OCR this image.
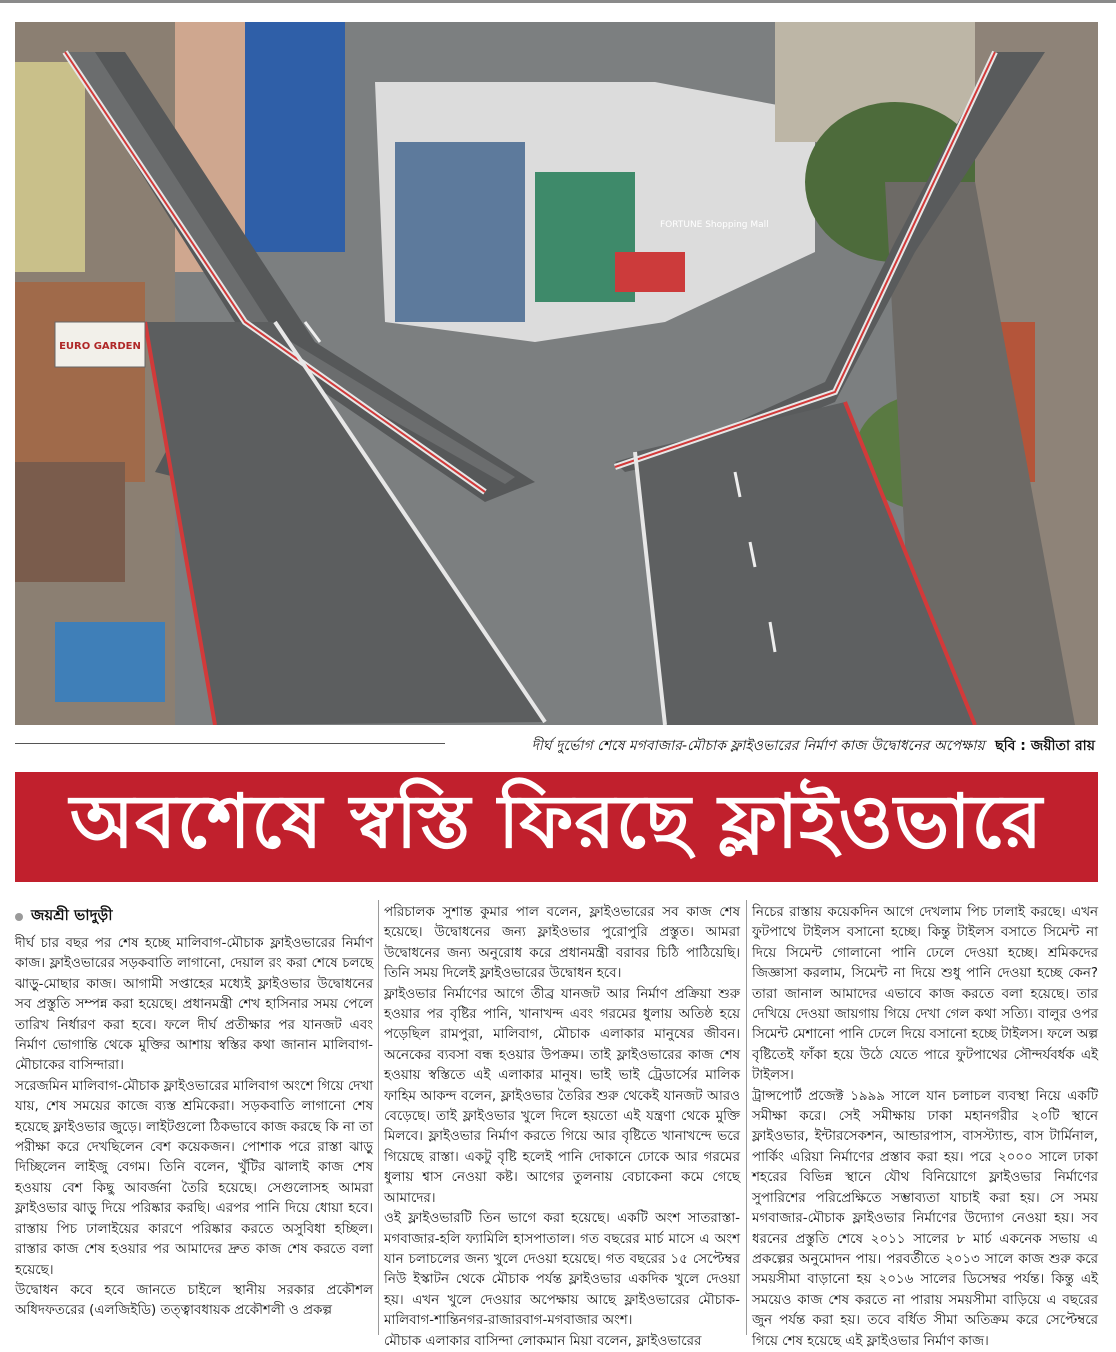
EURO GARDEN
FORTUNE Shopping Mall
দীর্ঘ দুর্ভোগ শেষে মগবাজার-মৌচাক ফ্লাইওভারের নির্মাণ কাজ উদ্বোধনের অপেক্ষায় ছবি : জয়ীতা রায়
অবশেষে স্বস্তি ফিরছে ফ্লাইওভারে
জয়শ্রী ভাদুড়ী

দীর্ঘ চার বছর পর শেষ হচ্ছে মালিবাগ-মৌচাক ফ্লাইওভারের নির্মাণ কাজ। ফ্লাইওভারের সড়কবাতি লাগানো, দেয়াল রং করা শেষে চলছে ঝাড়ু-মোছার কাজ। আগামী সপ্তাহের মধ্যেই ফ্লাইওভার উদ্বোধনের সব প্রস্তুতি সম্পন্ন করা হয়েছে। প্রধানমন্ত্রী শেখ হাসিনার সময় পেলে তারিখ নির্ধারণ করা হবে। ফলে দীর্ঘ প্রতীক্ষার পর যানজট এবং নির্মাণ ভোগান্তি থেকে মুক্তির আশায় স্বস্তির কথা জানান মালিবাগ-মৌচাকের বাসিন্দারা।

সরেজমিন মালিবাগ-মৌচাক ফ্লাইওভারের মালিবাগ অংশে গিয়ে দেখা যায়, শেষ সময়ের কাজে ব্যস্ত শ্রমিকেরা। সড়কবাতি লাগানো শেষ হয়েছে ফ্লাইওভার জুড়ে। লাইটগুলো ঠিকভাবে কাজ করছে কি না তা পরীক্ষা করে দেখছিলেন বেশ কয়েকজন। পোশাক পরে রাস্তা ঝাড়ু দিচ্ছিলেন লাইজু বেগম। তিনি বলেন, খুঁটির ঝালাই কাজ শেষ হওয়ায় বেশ কিছু আবর্জনা তৈরি হয়েছে। সেগুলোসহ আমরা ফ্লাইওভার ঝাড়ু দিয়ে পরিষ্কার করছি। এরপর পানি দিয়ে ধোয়া হবে। রাস্তায় পিচ ঢালাইয়ের কারণে পরিষ্কার করতে অসুবিধা হচ্ছিল। রাস্তার কাজ শেষ হওয়ার পর আমাদের দ্রুত কাজ শেষ করতে বলা হয়েছে।

উদ্বোধন কবে হবে জানতে চাইলে স্থানীয় সরকার প্রকৌশল অধিদফতরের (এলজিইডি) তত্ত্বাবধায়ক প্রকৌশলী ও প্রকল্প

পরিচালক সুশান্ত কুমার পাল বলেন, ফ্লাইওভারের সব কাজ শেষ হয়েছে। উদ্বোধনের জন্য ফ্লাইওভার পুরোপুরি প্রস্তুত। আমরা উদ্বোধনের জন্য অনুরোধ করে প্রধানমন্ত্রী বরাবর চিঠি পাঠিয়েছি। তিনি সময় দিলেই ফ্লাইওভারের উদ্বোধন হবে।

ফ্লাইওভার নির্মাণের আগে তীব্র যানজট আর নির্মাণ প্রক্রিয়া শুরু হওয়ার পর বৃষ্টির পানি, খানাখন্দ এবং গরমের ধুলায় অতিষ্ঠ হয়ে পড়েছিল রামপুরা, মালিবাগ, মৌচাক এলাকার মানুষের জীবন। অনেকের ব্যবসা বন্ধ হওয়ার উপক্রম। তাই ফ্লাইওভারের কাজ শেষ হওয়ায় স্বস্তিতে এই এলাকার মানুষ। ভাই ভাই ট্রেডার্সের মালিক ফাহিম আকন্দ বলেন, ফ্লাইওভার তৈরির শুরু থেকেই যানজট আরও বেড়েছে। তাই ফ্লাইওভার খুলে দিলে হয়তো এই যন্ত্রণা থেকে মুক্তি মিলবে। ফ্লাইওভার নির্মাণ করতে গিয়ে আর বৃষ্টিতে খানাখন্দে ভরে গিয়েছে রাস্তা। একটু বৃষ্টি হলেই পানি দোকানে ঢোকে আর গরমের ধুলায় শ্বাস নেওয়া কষ্ট। আগের তুলনায় বেচাকেনা কমে গেছে আমাদের।

ওই ফ্লাইওভারটি তিন ভাগে করা হয়েছে। একটি অংশ সাতরাস্তা-মগবাজার-হলি ফ্যামিলি হাসপাতাল। গত বছরের মার্চ মাসে এ অংশ যান চলাচলের জন্য খুলে দেওয়া হয়েছে। গত বছরের ১৫ সেপ্টেম্বর নিউ ইস্কাটন থেকে মৌচাক পর্যন্ত ফ্লাইওভার একদিক খুলে দেওয়া হয়। এখন খুলে দেওয়ার অপেক্ষায় আছে ফ্লাইওভারের মৌচাক-মালিবাগ-শান্তিনগর-রাজারবাগ-মগবাজার অংশ।

মৌচাক এলাকার বাসিন্দা লোকমান মিয়া বলেন, ফ্লাইওভারের

নিচের রাস্তায় কয়েকদিন আগে দেখলাম পিচ ঢালাই করছে। এখন ফুটপাথে টাইলস বসানো হচ্ছে। কিন্তু টাইলস বসাতে সিমেন্ট না দিয়ে সিমেন্ট গোলানো পানি ঢেলে দেওয়া হচ্ছে। শ্রমিকদের জিজ্ঞাসা করলাম, সিমেন্ট না দিয়ে শুধু পানি দেওয়া হচ্ছে কেন? তারা জানাল আমাদের এভাবে কাজ করতে বলা হয়েছে। তার দেখিয়ে দেওয়া জায়গায় গিয়ে দেখা গেল কথা সত্যি। বালুর ওপর সিমেন্ট মেশানো পানি ঢেলে দিয়ে বসানো হচ্ছে টাইলস। ফলে অল্প বৃষ্টিতেই ফাঁকা হয়ে উঠে যেতে পারে ফুটপাথের সৌন্দর্যবর্ধক এই টাইলস।

ট্রান্সপোর্ট প্রজেক্ট ১৯৯৯ সালে যান চলাচল ব্যবস্থা নিয়ে একটি সমীক্ষা করে। সেই সমীক্ষায় ঢাকা মহানগরীর ২০টি স্থানে ফ্লাইওভার, ইন্টারসেকশন, আন্ডারপাস, বাসস্ট্যান্ড, বাস টার্মিনাল, পার্কিং এরিয়া নির্মাণের প্রস্তাব করা হয়। পরে ২০০০ সালে ঢাকা শহরের বিভিন্ন স্থানে যৌথ বিনিয়োগে ফ্লাইওভার নির্মাণের সুপারিশের পরিপ্রেক্ষিতে সম্ভাব্যতা যাচাই করা হয়। সে সময় মগবাজার-মৌচাক ফ্লাইওভার নির্মাণের উদ্যোগ নেওয়া হয়। সব ধরনের প্রস্তুতি শেষে ২০১১ সালের ৮ মার্চ একনেক সভায় এ প্রকল্পের অনুমোদন পায়। পরবর্তীতে ২০১৩ সালে কাজ শুরু করে সময়সীমা বাড়ানো হয় ২০১৬ সালের ডিসেম্বর পর্যন্ত। কিন্তু এই সময়েও কাজ শেষ করতে না পারায় সময়সীমা বাড়িয়ে এ বছরের জুন পর্যন্ত করা হয়। তবে বর্ধিত সীমা অতিক্রম করে সেপ্টেম্বরে গিয়ে শেষ হয়েছে এই ফ্লাইওভার নির্মাণ কাজ।
